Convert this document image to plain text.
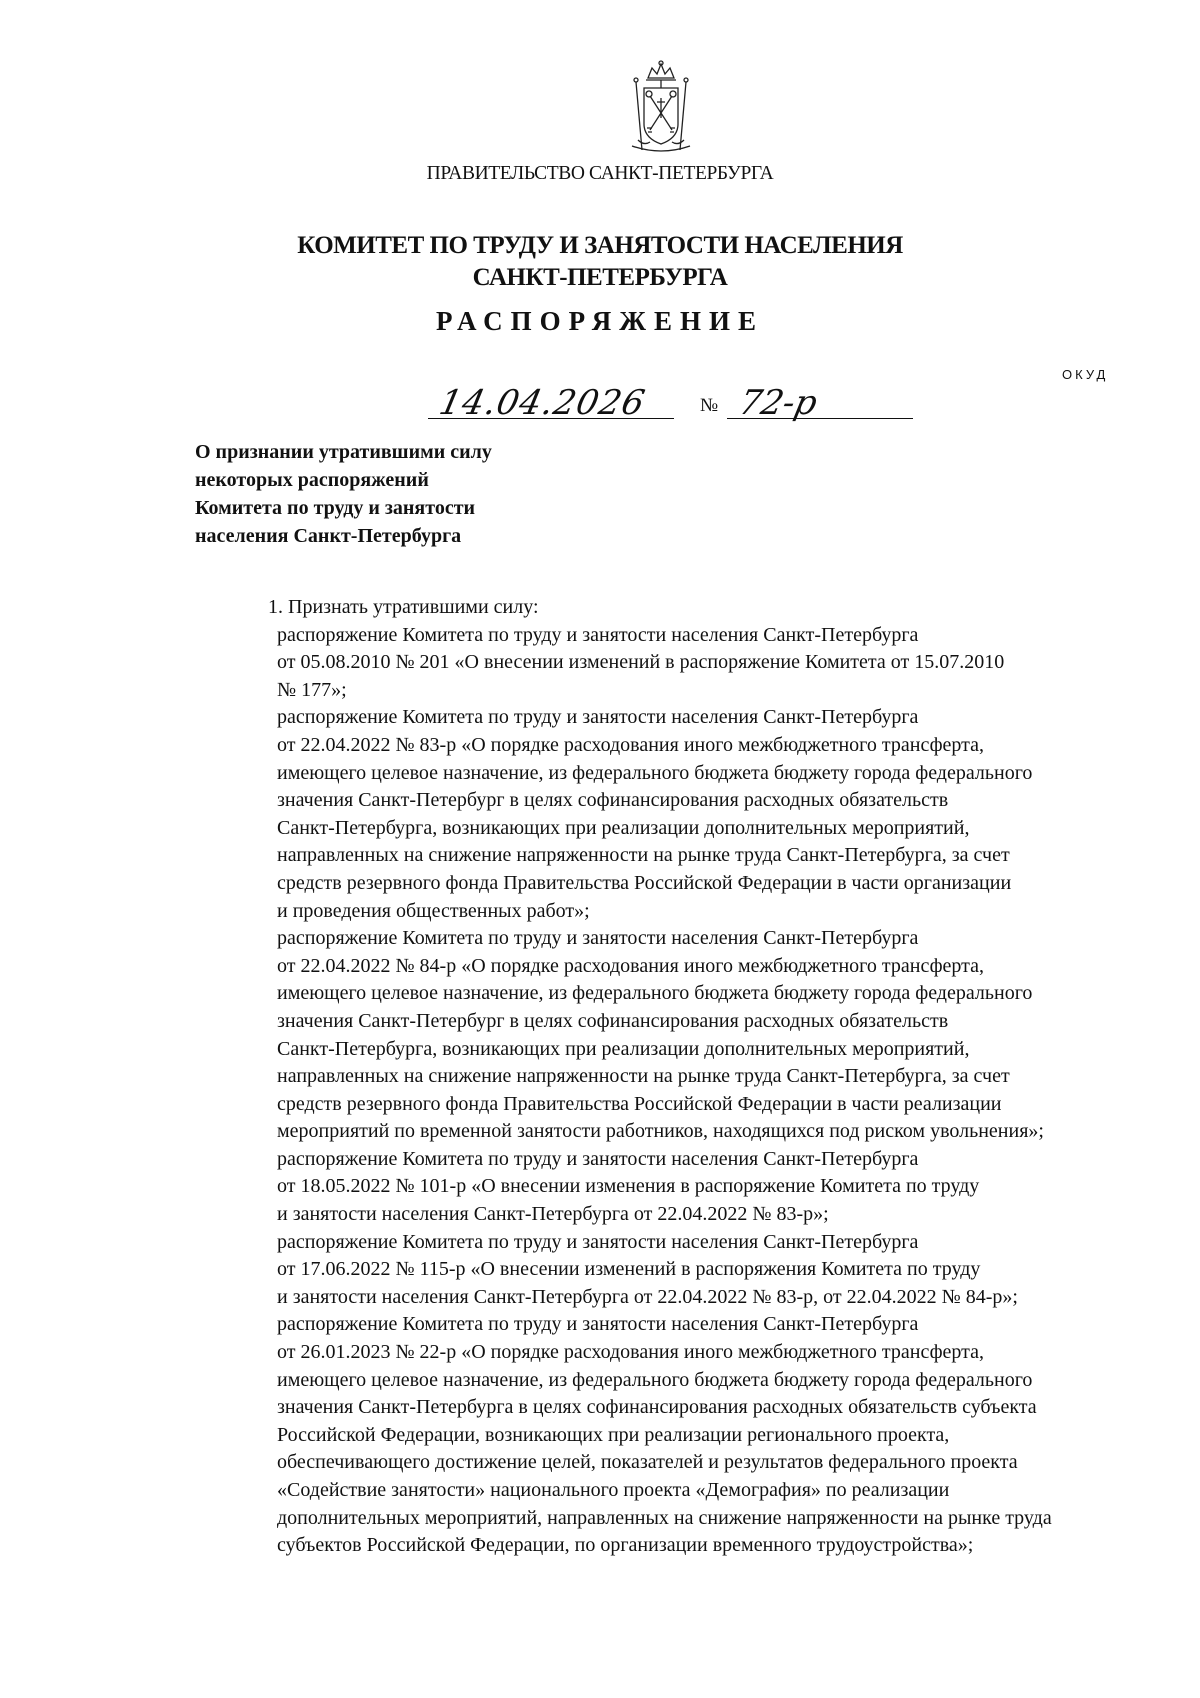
ПРАВИТЕЛЬСТВО САНКТ-ПЕТЕРБУРГА
КОМИТЕТ ПО ТРУДУ И ЗАНЯТОСТИ НАСЕЛЕНИЯ
САНКТ-ПЕТЕРБУРГА
РАСПОРЯЖЕНИЕ
ОКУД
14.04.2026	№ 72-р
О признании утратившими силу
некоторых распоряжений
Комитета по труду и занятости
населения Санкт-Петербурга

1. Признать утратившими силу:

распоряжение Комитета по труду и занятости населения Санкт-Петербурга
от 05.08.2010 № 201 «О внесении изменений в распоряжение Комитета от 15.07.2010
№ 177»;

распоряжение Комитета по труду и занятости населения Санкт-Петербурга
от 22.04.2022 № 83-р «О порядке расходования иного межбюджетного трансферта,
имеющего целевое назначение, из федерального бюджета бюджету города федерального
значения Санкт-Петербург в целях софинансирования расходных обязательств
Санкт-Петербурга, возникающих при реализации дополнительных мероприятий,
направленных на снижение напряженности на рынке труда Санкт-Петербурга, за счет
средств резервного фонда Правительства Российской Федерации в части организации
и проведения общественных работ»;

распоряжение Комитета по труду и занятости населения Санкт-Петербурга
от 22.04.2022 № 84-р «О порядке расходования иного межбюджетного трансферта,
имеющего целевое назначение, из федерального бюджета бюджету города федерального
значения Санкт-Петербург в целях софинансирования расходных обязательств
Санкт-Петербурга, возникающих при реализации дополнительных мероприятий,
направленных на снижение напряженности на рынке труда Санкт-Петербурга, за счет
средств резервного фонда Правительства Российской Федерации в части реализации
мероприятий по временной занятости работников, находящихся под риском увольнения»;

распоряжение Комитета по труду и занятости населения Санкт-Петербурга
от 18.05.2022 № 101-р «О внесении изменения в распоряжение Комитета по труду
и занятости населения Санкт-Петербурга от 22.04.2022 № 83-р»;

распоряжение Комитета по труду и занятости населения Санкт-Петербурга
от 17.06.2022 № 115-р «О внесении изменений в распоряжения Комитета по труду
и занятости населения Санкт-Петербурга от 22.04.2022 № 83-р, от 22.04.2022 № 84-р»;

распоряжение Комитета по труду и занятости населения Санкт-Петербурга
от 26.01.2023 № 22-р «О порядке расходования иного межбюджетного трансферта,
имеющего целевое назначение, из федерального бюджета бюджету города федерального
значения Санкт-Петербурга в целях софинансирования расходных обязательств субъекта
Российской Федерации, возникающих при реализации регионального проекта,
обеспечивающего достижение целей, показателей и результатов федерального проекта
«Содействие занятости» национального проекта «Демография» по реализации
дополнительных мероприятий, направленных на снижение напряженности на рынке труда
субъектов Российской Федерации, по организации временного трудоустройства»;
